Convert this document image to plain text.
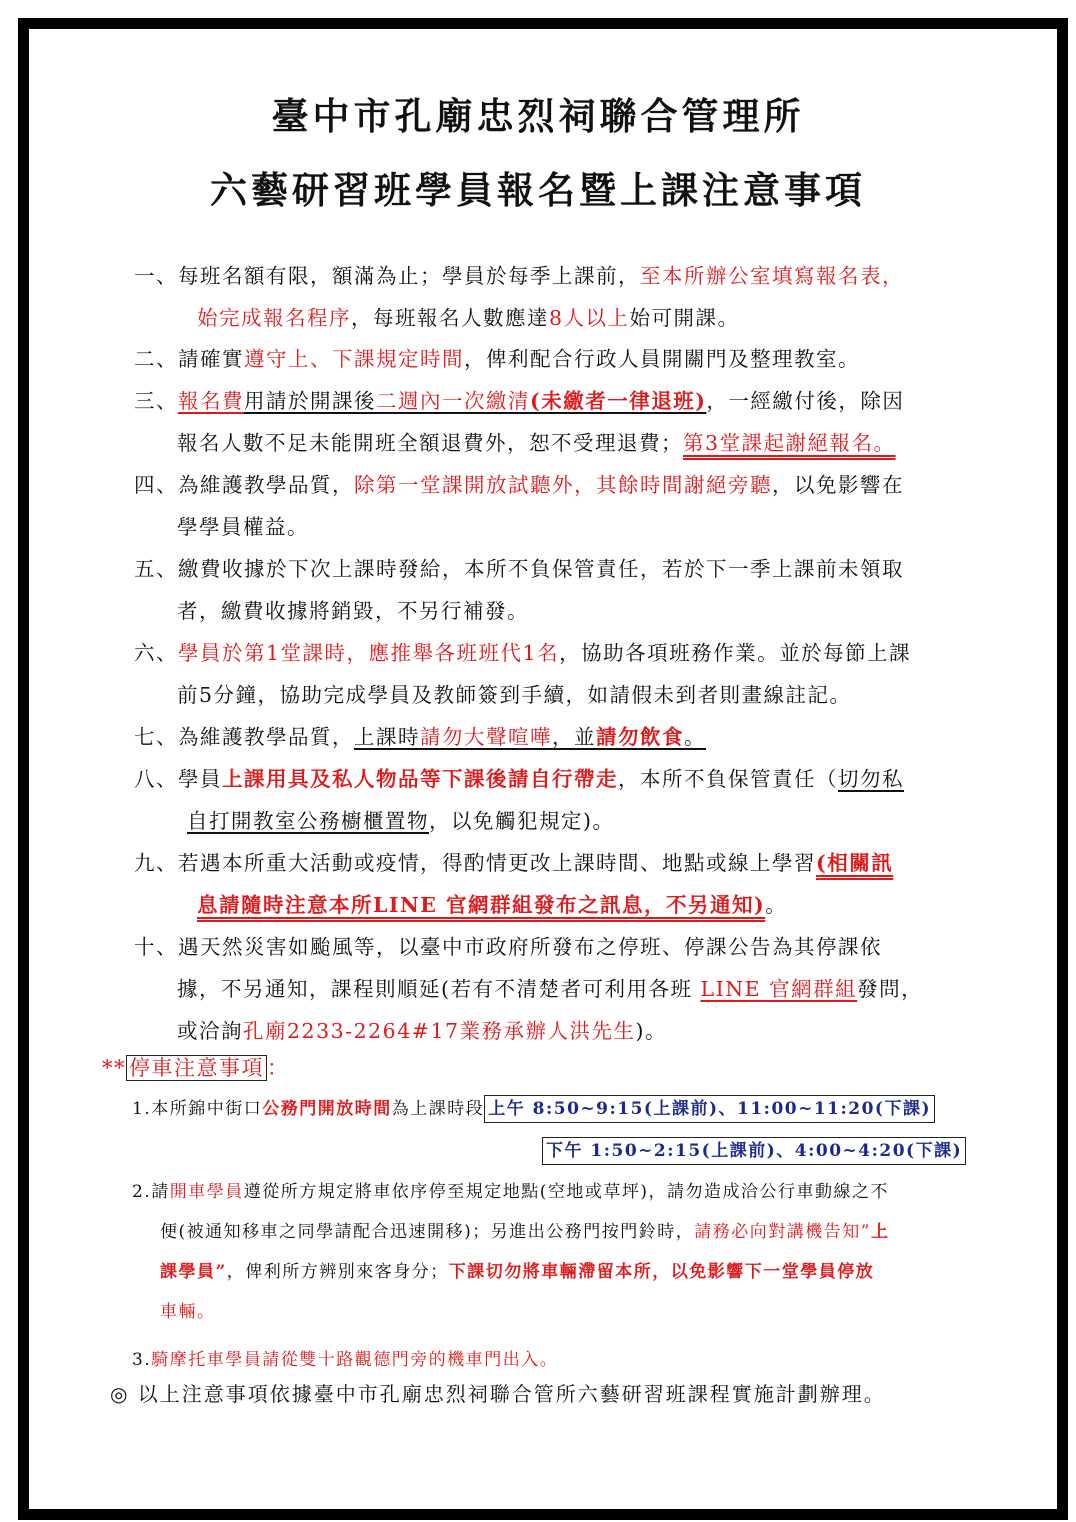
臺中市孔廟忠烈祠聯合管理所
六藝研習班學員報名暨上課注意事項
一、每班名額有限，額滿為止；學員於每季上課前，至本所辦公室填寫報名表，
始完成報名程序，每班報名人數應達8人以上始可開課。
二、請確實遵守上、下課規定時間，俾利配合行政人員開關門及整理教室。
三、報名費用請於開課後二週內一次繳清(未繳者一律退班)，一經繳付後，除因
報名人數不足未能開班全額退費外，恕不受理退費；第3堂課起謝絕報名。
四、為維護教學品質，除第一堂課開放試聽外，其餘時間謝絕旁聽，以免影響在
學學員權益。
五、繳費收據於下次上課時發給，本所不負保管責任，若於下一季上課前未領取
者，繳費收據將銷毀，不另行補發。
六、學員於第1堂課時，應推舉各班班代1名，協助各項班務作業。並於每節上課
前5分鐘，協助完成學員及教師簽到手續，如請假未到者則畫線註記。
七、為維護教學品質，上課時請勿大聲喧嘩，並請勿飲食。
八、學員上課用具及私人物品等下課後請自行帶走，本所不負保管責任（切勿私
自打開教室公務櫥櫃置物，以免觸犯規定)。
九、若遇本所重大活動或疫情，得酌情更改上課時間、地點或線上學習(相關訊
息請隨時注意本所LINE 官網群組發布之訊息，不另通知)。
十、遇天然災害如颱風等，以臺中市政府所發布之停班、停課公告為其停課依
據，不另通知，課程則順延(若有不清楚者可利用各班 LINE 官網群組發問，
或洽詢孔廟2233-2264#17業務承辦人洪先生)。
** 停車注意事項 ：
1.本所錦中街口公務門開放時間為上課時段 上午 8:50~9:15(上課前)、11:00~11:20(下課)
下午 1:50~2:15(上課前)、4:00~4:20(下課)
2.請開車學員遵從所方規定將車依序停至規定地點(空地或草坪)，請勿造成洽公行車動線之不
便(被通知移車之同學請配合迅速開移)；另進出公務門按門鈴時，請務必向對講機告知”上
課學員”，俾利所方辨別來客身分；下課切勿將車輛滯留本所，以免影響下一堂學員停放
車輛。
3.騎摩托車學員請從雙十路觀德門旁的機車門出入。
◎ 以上注意事項依據臺中市孔廟忠烈祠聯合管所六藝研習班課程實施計劃辦理。
